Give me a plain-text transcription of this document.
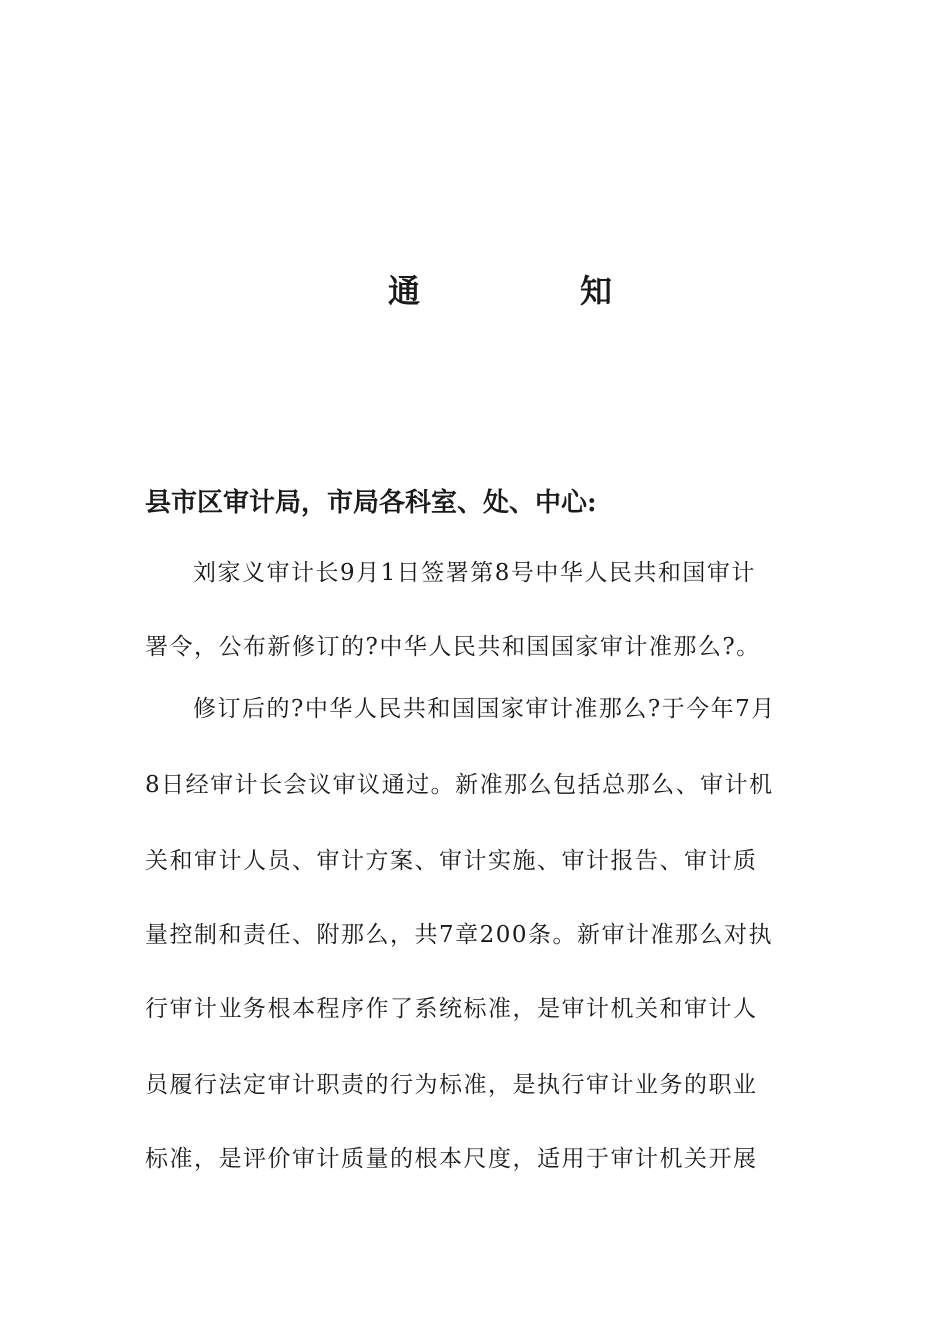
通	知
县市区审计局，市局各科室、处、中心:
刘家义审计长9月1日签署第8号中华人民共和国审计
署令，公布新修订的?中华人民共和国国家审计准那么?。
修订后的?中华人民共和国国家审计准那么?于今年7月
8日经审计长会议审议通过。新准那么包括总那么、审计机
关和审计人员、审计方案、审计实施、审计报告、审计质
量控制和责任、附那么，共7章200条。新审计准那么对执
行审计业务根本程序作了系统标准，是审计机关和审计人
员履行法定审计职责的行为标准，是执行审计业务的职业
标准，是评价审计质量的根本尺度，适用于审计机关开展
